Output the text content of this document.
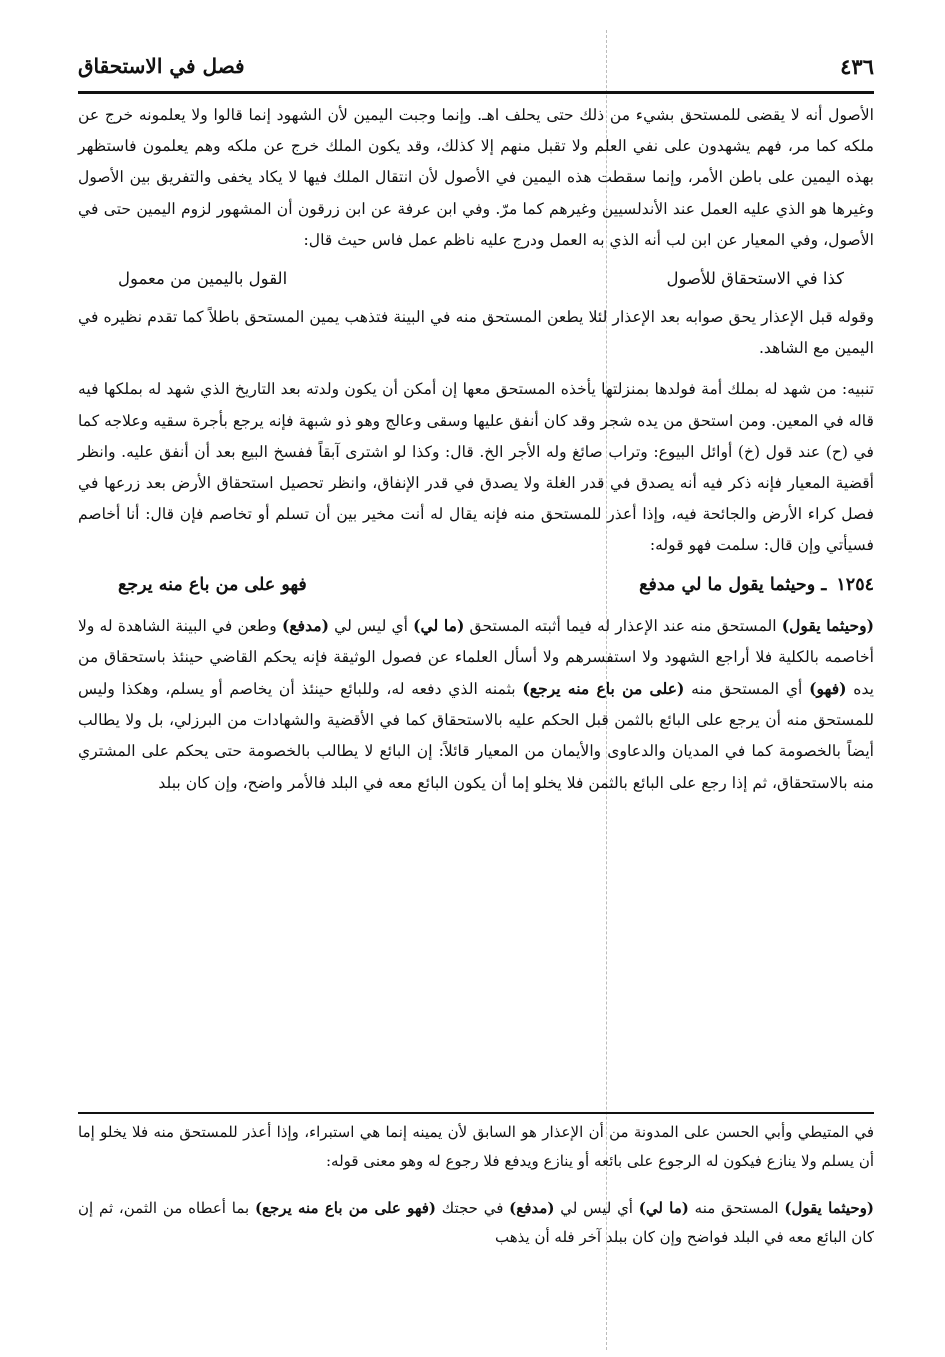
٤٣٦
فصل في الاستحقاق

الأصول أنه لا يقضى للمستحق بشيء من ذلك حتى يحلف اهـ. وإنما وجبت اليمين لأن الشهود إنما قالوا ولا يعلمونه خرج عن ملكه كما مر، فهم يشهدون على نفي العلم ولا تقبل منهم إلا كذلك، وقد يكون الملك خرج عن ملكه وهم يعلمون فاستظهر بهذه اليمين على باطن الأمر، وإنما سقطت هذه اليمين في الأصول لأن انتقال الملك فيها لا يكاد يخفى والتفريق بين الأصول وغيرها هو الذي عليه العمل عند الأندلسيين وغيرهم كما مرّ. وفي ابن عرفة عن ابن زرقون أن المشهور لزوم اليمين حتى في الأصول، وفي المعيار عن ابن لب أنه الذي به العمل ودرج عليه ناظم عمل فاس حيث قال:

كذا في الاستحقاق للأصول
القول باليمين من معمول

وقوله قبل الإعذار يحق صوابه بعد الإعذار لئلا يطعن المستحق منه في البينة فتذهب يمين المستحق باطلاً كما تقدم نظيره في اليمين مع الشاهد.

تنبيه: من شهد له بملك أمة فولدها بمنزلتها يأخذه المستحق معها إن أمكن أن يكون ولدته بعد التاريخ الذي شهد له بملكها فيه قاله في المعين. ومن استحق من يده شجر وقد كان أنفق عليها وسقى وعالج وهو ذو شبهة فإنه يرجع بأجرة سقيه وعلاجه كما في (ح) عند قول (خ) أوائل البيوع: وتراب صائغ وله الأجر الخ. قال: وكذا لو اشترى آبقاً ففسخ البيع بعد أن أنفق عليه. وانظر أقضية المعيار فإنه ذكر فيه أنه يصدق في قدر الغلة ولا يصدق في قدر الإنفاق، وانظر تحصيل استحقاق الأرض بعد زرعها في فصل كراء الأرض والجائحة فيه، وإذا أعذر للمستحق منه فإنه يقال له أنت مخير بين أن تسلم أو تخاصم فإن قال: أنا أخاصم فسيأتي وإن قال: سلمت فهو قوله:

١٢٥٤ـ وحيثما يقول ما لي مدفع
فهو على من باع منه يرجع

(وحيثما يقول) المستحق منه عند الإعذار له فيما أثبته المستحق (ما لي) أي ليس لي (مدفع) وطعن في البينة الشاهدة له ولا أخاصمه بالكلية فلا أراجع الشهود ولا استفسرهم ولا أسأل العلماء عن فصول الوثيقة فإنه يحكم القاضي حينئذ باستحقاق من يده (فهو) أي المستحق منه (على من باع منه يرجع) بثمنه الذي دفعه له، وللبائع حينئذ أن يخاصم أو يسلم، وهكذا وليس للمستحق منه أن يرجع على البائع بالثمن قبل الحكم عليه بالاستحقاق كما في الأقضية والشهادات من البرزلي، بل ولا يطالب أيضاً بالخصومة كما في المديان والدعاوى والأيمان من المعيار قائلاً: إن البائع لا يطالب بالخصومة حتى يحكم على المشتري منه بالاستحقاق، ثم إذا رجع على البائع بالثمن فلا يخلو إما أن يكون البائع معه في البلد فالأمر واضح، وإن كان ببلد

في المتيطي وأبي الحسن على المدونة من أن الإعذار هو السابق لأن يمينه إنما هي استبراء، وإذا أعذر للمستحق منه فلا يخلو إما أن يسلم ولا ينازع فيكون له الرجوع على بائعه أو ينازع ويدفع فلا رجوع له وهو معنى قوله:

(وحيثما يقول) المستحق منه (ما لي) أي ليس لي (مدفع) في حجتك (فهو على من باع منه يرجع) بما أعطاه من الثمن، ثم إن كان البائع معه في البلد فواضح وإن كان ببلد آخر فله أن يذهب
